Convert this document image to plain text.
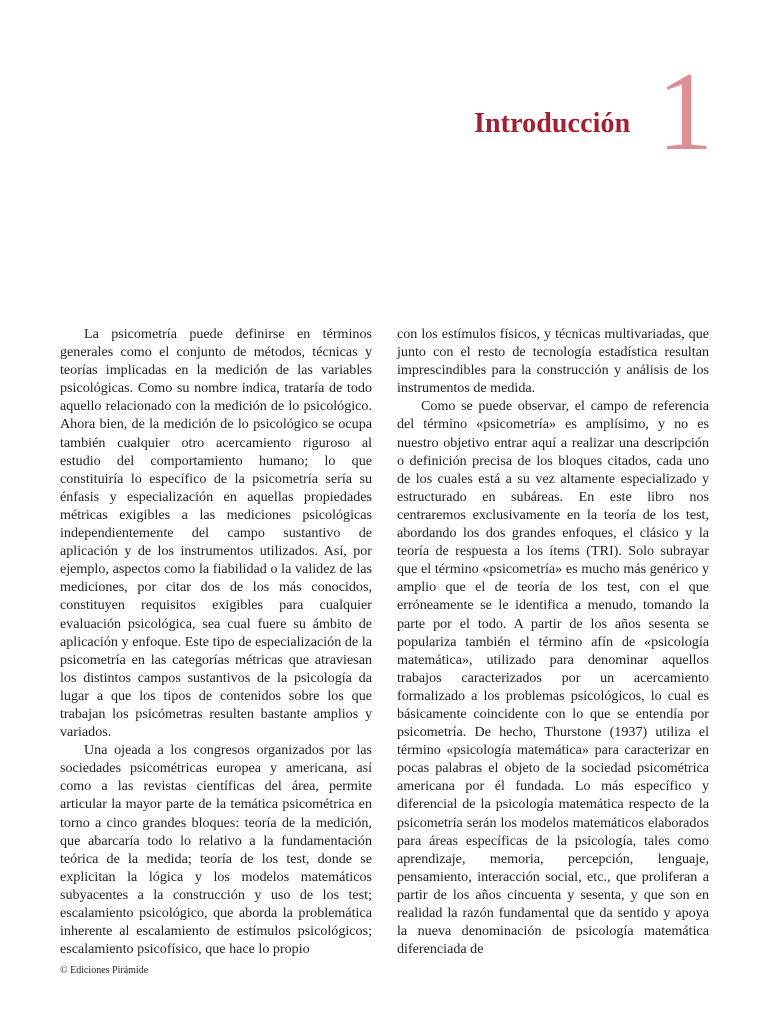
Introducción 1

La psicometría puede definirse en términos generales como el conjunto de métodos, técnicas y teorías implicadas en la medición de las variables psicológicas. Como su nombre indica, trataría de todo aquello relacionado con la medición de lo psicológico. Ahora bien, de la medición de lo psicológico se ocupa también cualquier otro acercamiento riguroso al estudio del comportamiento humano; lo que constituiría lo específico de la psicometría sería su énfasis y especialización en aquellas propiedades métricas exigibles a las mediciones psicológicas independientemente del campo sustantivo de aplicación y de los instrumentos utilizados. Así, por ejemplo, aspectos como la fiabilidad o la validez de las mediciones, por citar dos de los más conocidos, constituyen requisitos exigibles para cualquier evaluación psicológica, sea cual fuere su ámbito de aplicación y enfoque. Este tipo de especialización de la psicometría en las categorías métricas que atraviesan los distintos campos sustantivos de la psicología da lugar a que los tipos de contenidos sobre los que trabajan los psicómetras resulten bastante amplios y variados.

Una ojeada a los congresos organizados por las sociedades psicométricas europea y americana, así como a las revistas científicas del área, permite articular la mayor parte de la temática psicométrica en torno a cinco grandes bloques: teoría de la medición, que abarcaría todo lo relativo a la fundamentación teórica de la medida; teoría de los test, donde se explicitan la lógica y los modelos matemáticos subyacentes a la construcción y uso de los test; escalamiento psicológico, que aborda la problemática inherente al escalamiento de estímulos psicológicos; escalamiento psicofísico, que hace lo propio

con los estímulos físicos, y técnicas multivariadas, que junto con el resto de tecnología estadística resultan imprescindibles para la construcción y análisis de los instrumentos de medida.

Como se puede observar, el campo de referencia del término «psicometría» es amplísimo, y no es nuestro objetivo entrar aquí a realizar una descripción o definición precisa de los bloques citados, cada uno de los cuales está a su vez altamente especializado y estructurado en subáreas. En este libro nos centraremos exclusivamente en la teoría de los test, abordando los dos grandes enfoques, el clásico y la teoría de respuesta a los ítems (TRI). Solo subrayar que el término «psicometría» es mucho más genérico y amplio que el de teoría de los test, con el que erróneamente se le identifica a menudo, tomando la parte por el todo. A partir de los años sesenta se populariza también el término afín de «psicología matemática», utilizado para denominar aquellos trabajos caracterizados por un acercamiento formalizado a los problemas psicológicos, lo cual es básicamente coincidente con lo que se entendía por psicometría. De hecho, Thurstone (1937) utiliza el término «psicología matemática» para caracterizar en pocas palabras el objeto de la sociedad psicométrica americana por él fundada. Lo más específico y diferencial de la psicología matemática respecto de la psicometría serán los modelos matemáticos elaborados para áreas específicas de la psicología, tales como aprendizaje, memoria, percepción, lenguaje, pensamiento, interacción social, etc., que proliferan a partir de los años cincuenta y sesenta, y que son en realidad la razón fundamental que da sentido y apoya la nueva denominación de psicología matemática diferenciada de

© Ediciones Pirámide
